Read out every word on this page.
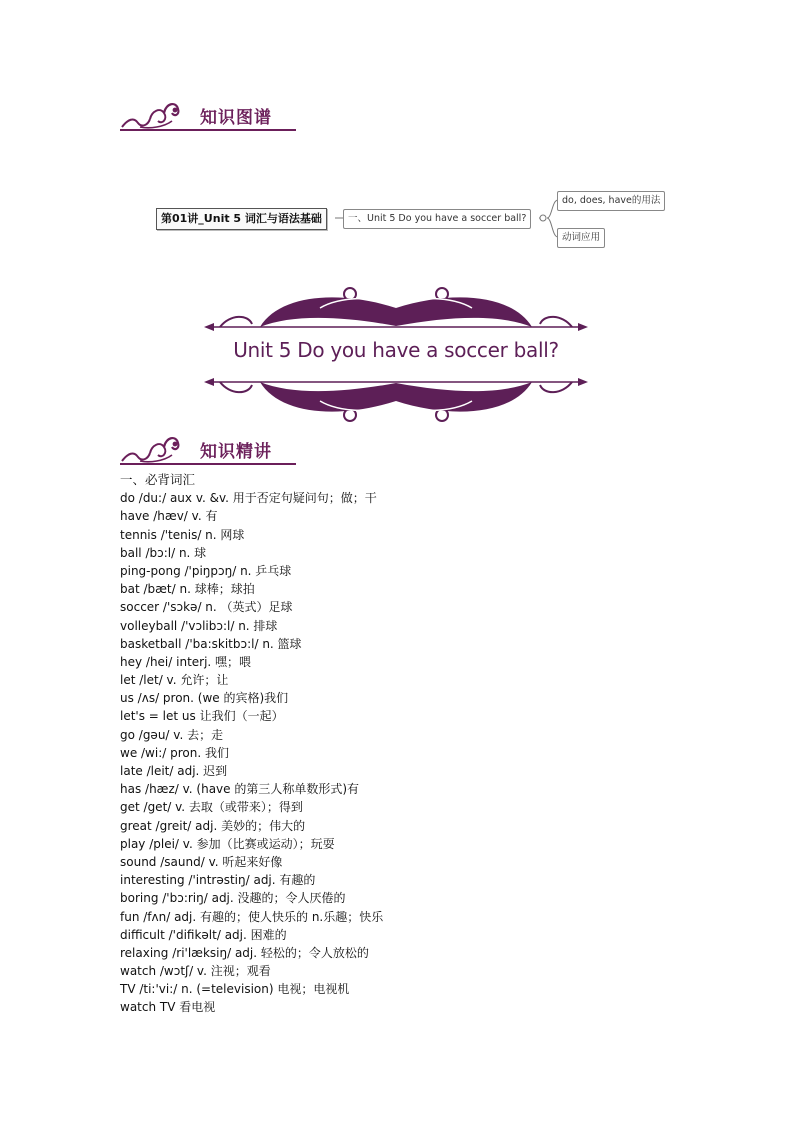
知识图谱
第01讲_Unit 5 词汇与语法基础	一、Unit 5 Do you have a soccer ball?
do, does, have的用法
动词应用
Unit 5 Do you have a soccer ball?
知识精讲
一、必背词汇
do /du:/ aux v. &v. 用于否定句疑问句；做；干
have /hæv/ v. 有
tennis /'tenis/ n. 网球
ball /bɔ:l/ n. 球
ping-pong /'piŋpɔŋ/ n. 乒乓球
bat /bæt/ n. 球棒；球拍
soccer /'sɔkə/ n. （英式）足球
volleyball /'vɔlibɔ:l/ n. 排球
basketball /'ba:skitbɔ:l/ n. 篮球
hey /hei/ interj. 嘿；喂
let /let/ v. 允许；让
us /ʌs/ pron. (we 的宾格)我们
let's = let us 让我们（一起）
go /gəu/ v. 去；走
we /wi:/ pron. 我们
late /leit/ adj. 迟到
has /hæz/ v. (have 的第三人称单数形式)有
get /get/ v. 去取（或带来）；得到
great /greit/ adj. 美妙的；伟大的
play /plei/ v. 参加（比赛或运动）；玩耍
sound /saund/ v. 听起来好像
interesting /'intrəstiŋ/ adj. 有趣的
boring /'bɔ:riŋ/ adj. 没趣的；令人厌倦的
fun /fʌn/ adj. 有趣的；使人快乐的 n.乐趣；快乐
difficult /'difikəlt/ adj. 困难的
relaxing /ri'læksiŋ/ adj. 轻松的；令人放松的
watch /wɔtʃ/ v. 注视；观看
TV /ti:'vi:/ n. (=television) 电视；电视机
watch TV 看电视
